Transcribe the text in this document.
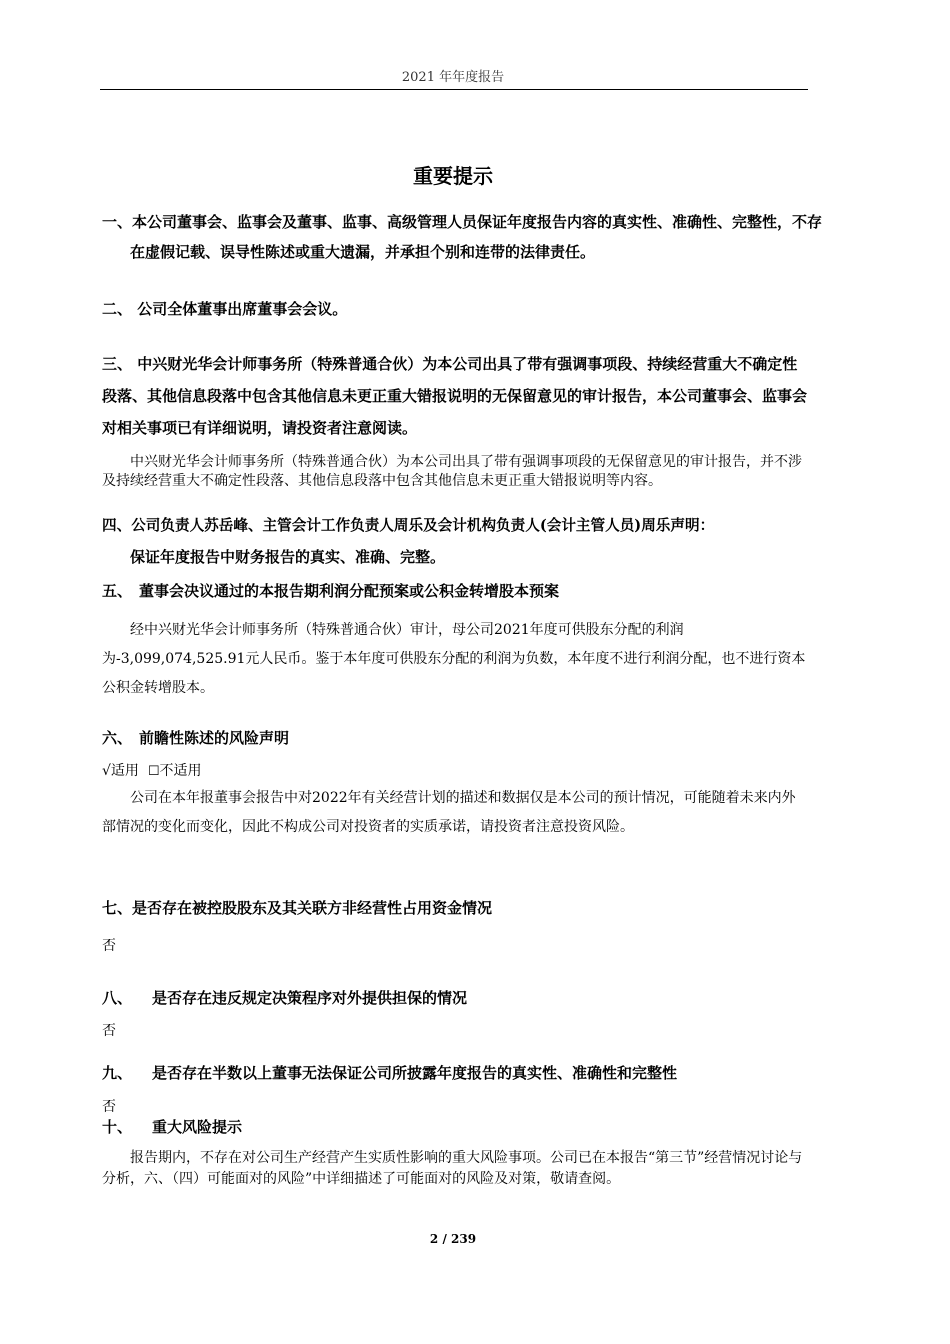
2021 年年度报告
重要提示

一、本公司董事会、监事会及董事、监事、高级管理人员保证年度报告内容的真实性、准确性、完整性，不存在虚假记载、误导性陈述或重大遗漏，并承担个别和连带的法律责任。

二、 公司全体董事出席董事会会议。

三、 中兴财光华会计师事务所（特殊普通合伙）为本公司出具了带有强调事项段、持续经营重大不确定性段落、其他信息段落中包含其他信息未更正重大错报说明的无保留意见的审计报告，本公司董事会、监事会对相关事项已有详细说明，请投资者注意阅读。

中兴财光华会计师事务所（特殊普通合伙）为本公司出具了带有强调事项段的无保留意见的审计报告，并不涉及持续经营重大不确定性段落、其他信息段落中包含其他信息未更正重大错报说明等内容。

四、公司负责人苏岳峰、主管会计工作负责人周乐及会计机构负责人(会计主管人员)周乐声明：

保证年度报告中财务报告的真实、准确、完整。

五、 董事会决议通过的本报告期利润分配预案或公积金转增股本预案

经中兴财光华会计师事务所（特殊普通合伙）审计，母公司2021年度可供股东分配的利润为-3,099,074,525.91元人民币。鉴于本年度可供股东分配的利润为负数，本年度不进行利润分配，也不进行资本公积金转增股本。

六、 前瞻性陈述的风险声明

√适用 ☐不适用

公司在本年报董事会报告中对2022年有关经营计划的描述和数据仅是本公司的预计情况，可能随着未来内外部情况的变化而变化，因此不构成公司对投资者的实质承诺，请投资者注意投资风险。

七、是否存在被控股股东及其关联方非经营性占用资金情况

否

八、 是否存在违反规定决策程序对外提供担保的情况

否

九、 是否存在半数以上董事无法保证公司所披露年度报告的真实性、准确性和完整性

否

十、 重大风险提示

报告期内，不存在对公司生产经营产生实质性影响的重大风险事项。公司已在本报告“第三节”经营情况讨论与分析，六、（四）可能面对的风险”中详细描述了可能面对的风险及对策，敬请查阅。

2 / 239
